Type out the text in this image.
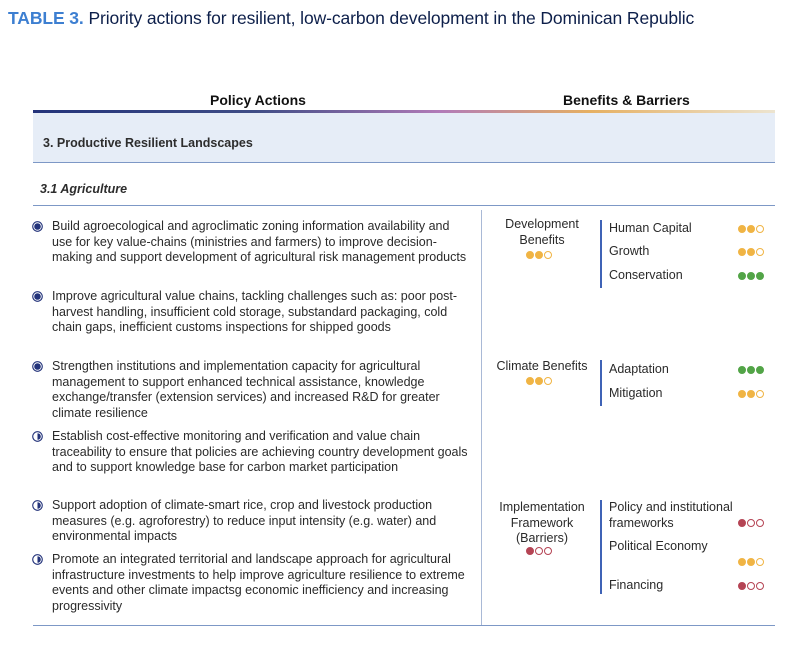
TABLE 3. Priority actions for resilient, low-carbon development in the Dominican Republic
Policy Actions	Benefits & Barriers
3. Productive Resilient Landscapes
3.1 Agriculture
Build agroecological and agroclimatic zoning information availability and use for key value-chains (ministries and farmers) to improve decision-making and support development of agricultural risk management products
Improve agricultural value chains, tackling challenges such as: poor post-harvest handling, insufficient cold storage, substandard packaging, cold chain gaps, inefficient customs inspections for shipped goods
Strengthen institutions and implementation capacity for agricultural management to support enhanced technical assistance, knowledge exchange/transfer (extension services) and increased R&D for greater climate resilience
Establish cost-effective monitoring and verification and value chain traceability to ensure that policies are achieving country development goals and to support knowledge base for carbon market participation
Support adoption of climate-smart rice, crop and livestock production measures (e.g. agroforestry) to reduce input intensity (e.g. water) and environmental impacts
Promote an integrated territorial and landscape approach for agricultural infrastructure investments to help improve agriculture resilience to extreme events and other climate impactsg economic inefficiency and increasing progressivity
Development Benefits
Human Capital
Growth
Conservation
Climate Benefits	Adaptation
Mitigation
Implementation Framework (Barriers)
Policy and institutional frameworks
Political Economy
Financing
